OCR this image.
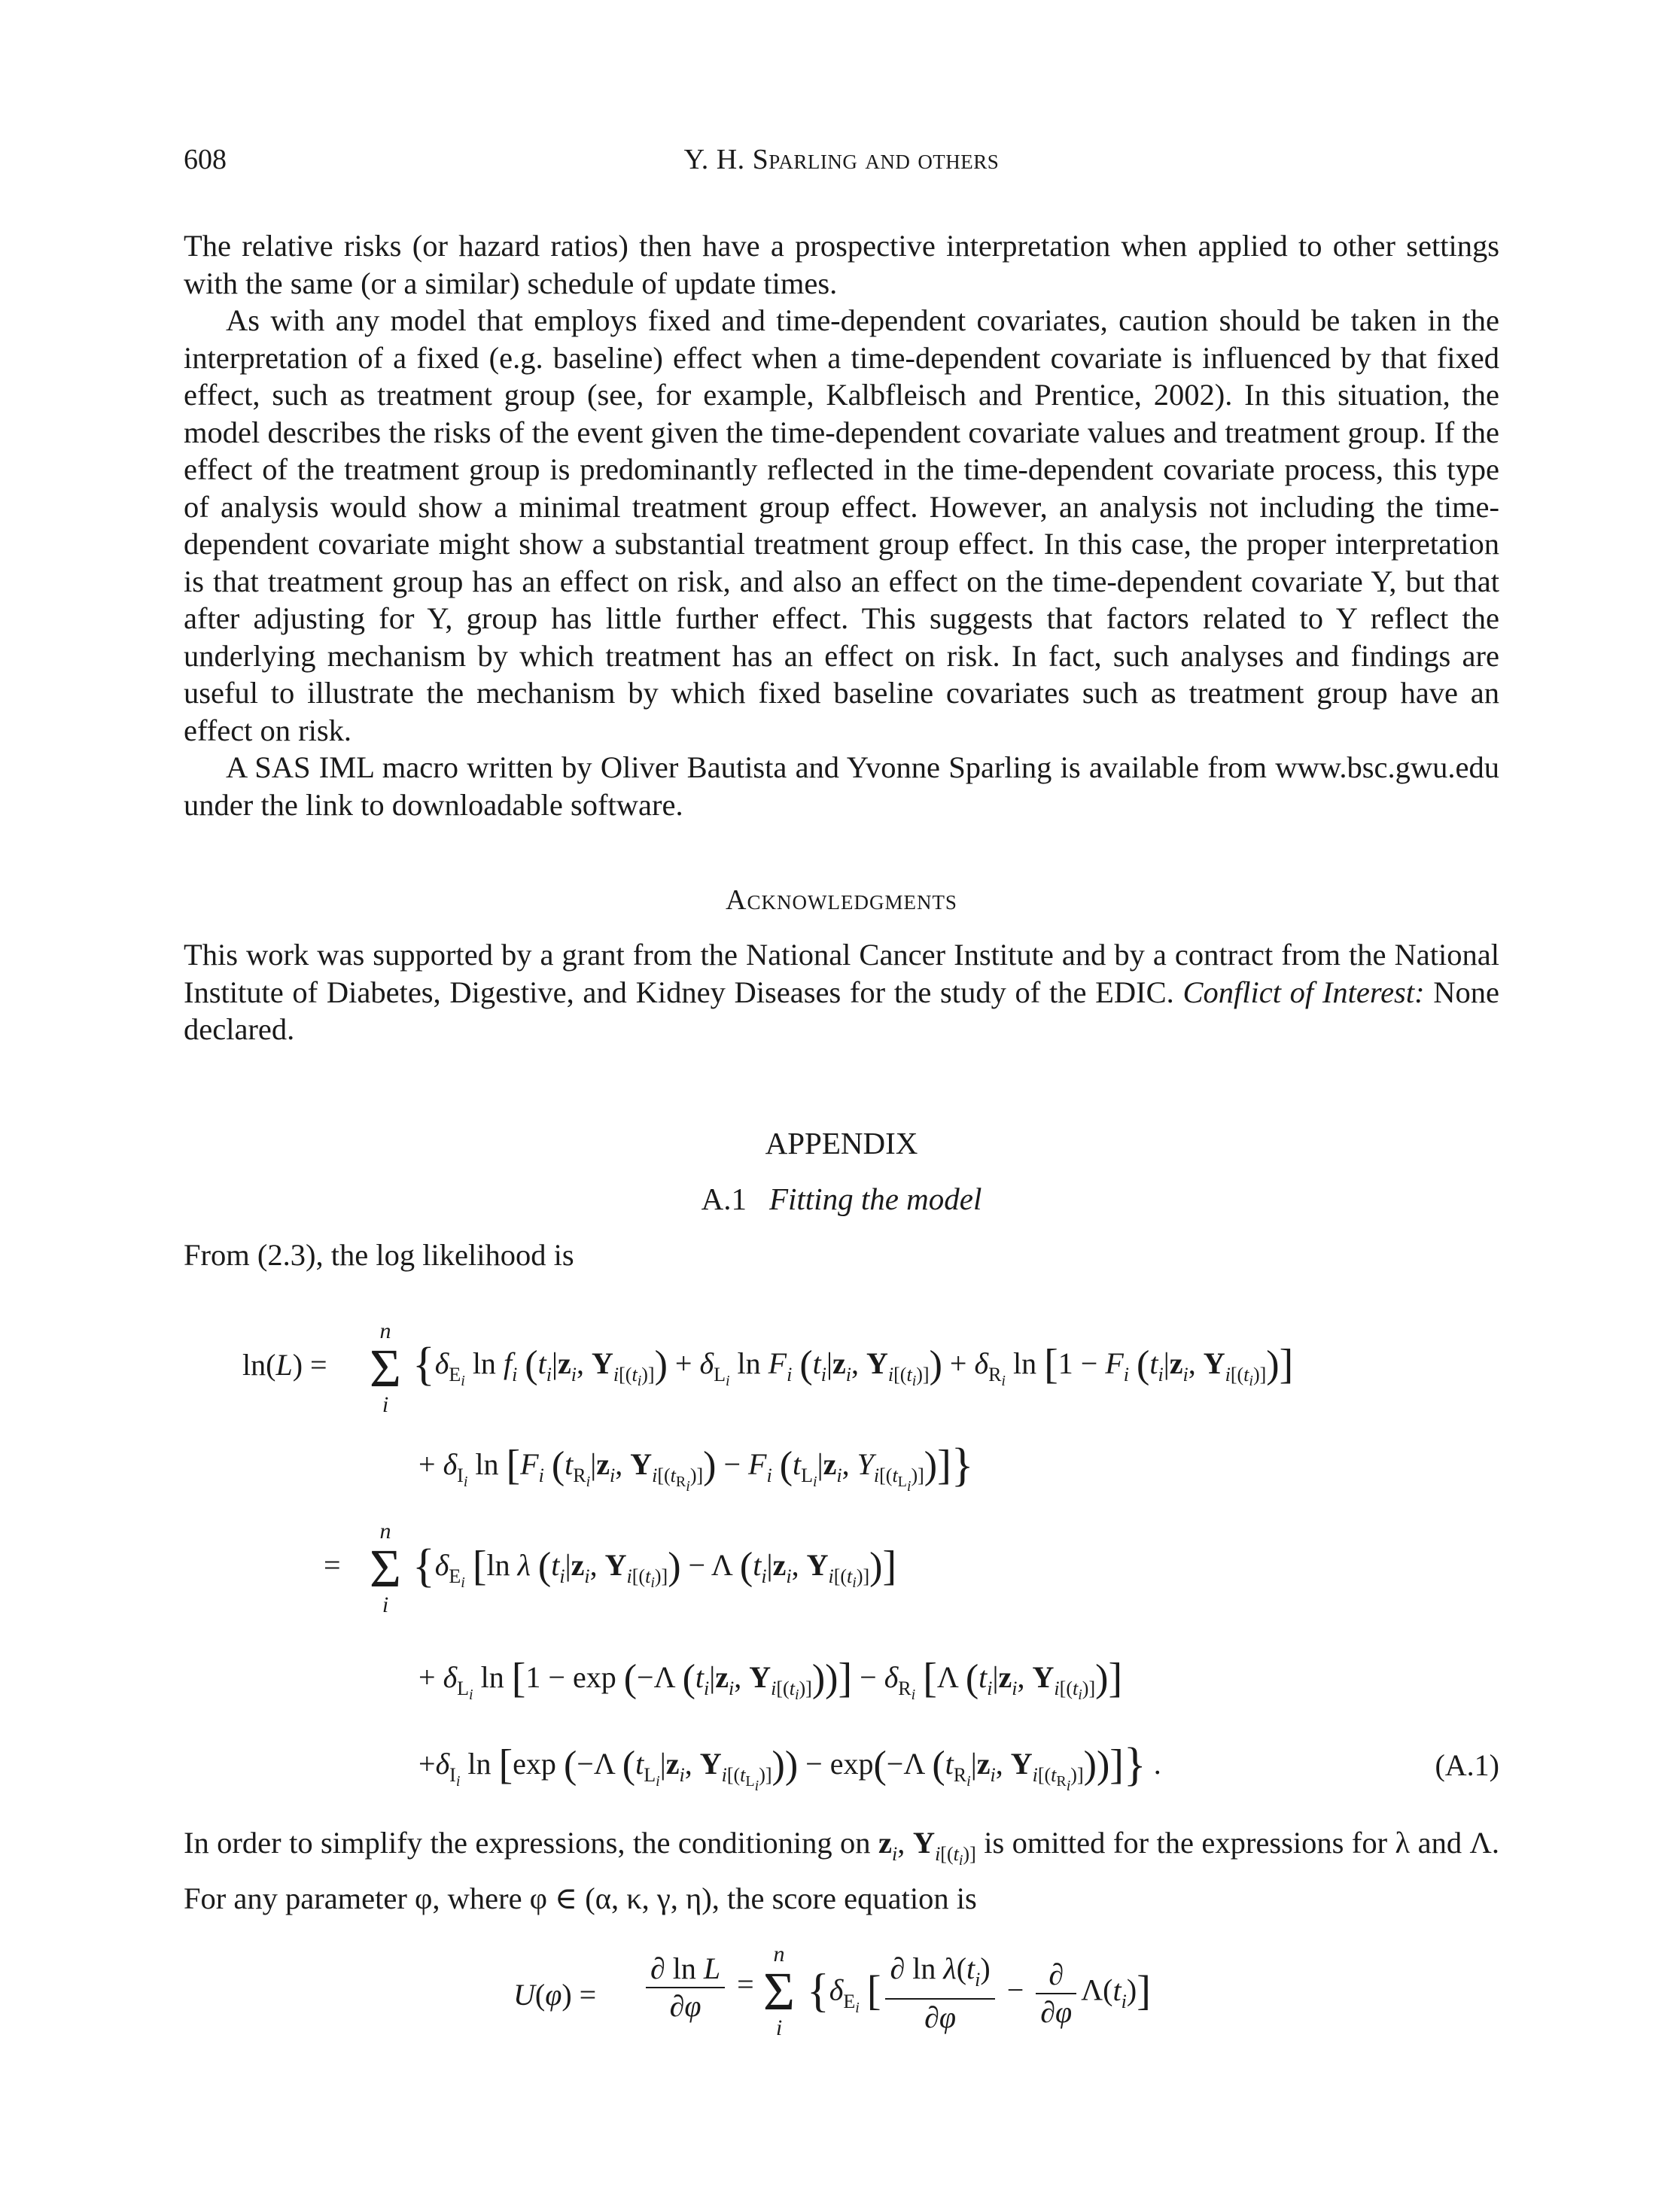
608	Y. H. Sparling and others

The relative risks (or hazard ratios) then have a prospective interpretation when applied to other settings with the same (or a similar) schedule of update times.

As with any model that employs fixed and time-dependent covariates, caution should be taken in the interpretation of a fixed (e.g. baseline) effect when a time-dependent covariate is influenced by that fixed effect, such as treatment group (see, for example, Kalbfleisch and Prentice, 2002). In this situation, the model describes the risks of the event given the time-dependent covariate values and treatment group. If the effect of the treatment group is predominantly reflected in the time-dependent covariate process, this type of analysis would show a minimal treatment group effect. However, an analysis not including the time-dependent covariate might show a substantial treatment group effect. In this case, the proper interpretation is that treatment group has an effect on risk, and also an effect on the time-dependent covariate Y, but that after adjusting for Y, group has little further effect. This suggests that factors related to Y reflect the underlying mechanism by which treatment has an effect on risk. In fact, such analyses and findings are useful to illustrate the mechanism by which fixed baseline covariates such as treatment group have an effect on risk.

A SAS IML macro written by Oliver Bautista and Yvonne Sparling is available from www.bsc.gwu.edu under the link to downloadable software.

Acknowledgments

This work was supported by a grant from the National Cancer Institute and by a contract from the National Institute of Diabetes, Digestive, and Kidney Diseases for the study of the EDIC. Conflict of Interest: None declared.

APPENDIX

A.1 Fitting the model

From (2.3), the log likelihood is

ln(L) =
n
Σ
i
{$\delta_{E_i}$ $\ln f_i$ ($t_i|z_i$, $Y_{i[(t_i)]}) + \delta_{L_i}$ $\ln F_i$ ($t_i|z_i$, $Y_{i[(t_i)]}) + \delta_{R_i}$ $\ln [1 - F_i$ ($t_i|z_i$, $Y_{i[(t_i)]}$)]
+ $\delta_{I_i}$ $\ln [F_i$ ($t_{R_i}|z_i$, $Y_{i[(t_{R_i})]}) - F_i$ ($t_{L_i}|z_i$, $Y_{i[(t_{L_i})]}$)]}
n
Σ
i
= {$\delta_{E_i}$ [ln λ ($t_i|z_i$, $Y_{i[(t_i)]}) - \Lambda$ ($t_i|z_i$, $Y_{i[(t_i)]}$)]
+ $\delta_{L_i}$ ln [1 − exp (−Λ ($t_i|z_i$, $Y_{i[(t_i)]}))] - \delta_{R_i}$ [Λ ($t_i|z_i$, $Y_{i[(t_i)]}$)]
$+\delta_{I_i}$ ln [exp (−Λ ($t_{L_i}|z_i$, $Y_{i[(t_{L_i})]})) - \exp(-\Lambda$ ($t_{R_i}|z_i$, $Y_{i[(t_{R_i})]}$))]} .	(A.1)

In order to simplify the expressions, the conditioning on $z_i$, $Y_{i[(t_i)]}$ is omitted for the expressions for λ and Λ. For any parameter φ, where φ ∈ (α, κ, γ, η), the score equation is

$U(\varphi) = \frac{\text{∂ ln L}}{\partial\varphi}$ =
n
Σ
i
{$\delta_{E_i}$ [ $\frac{\partial \ln \lambda(t_i)}{\partial\varphi} - \frac{\partial}{\partial\varphi} \Lambda(t_i)$]
